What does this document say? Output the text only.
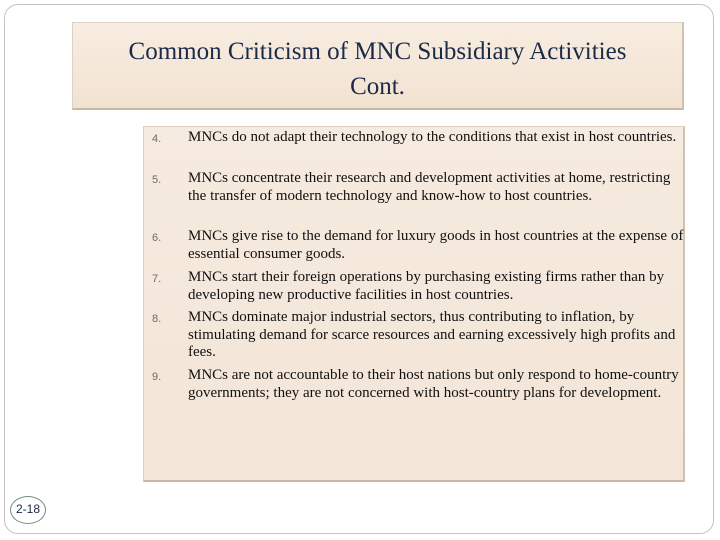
Common Criticism of MNC Subsidiary Activities
Cont.
4. MNCs do not adapt their technology to the conditions that exist in host countries.
5. MNCs concentrate their research and development activities at home, restricting the transfer of modern technology and know-how to host countries.
6. MNCs give rise to the demand for luxury goods in host countries at the expense of essential consumer goods.
7. MNCs start their foreign operations by purchasing existing firms rather than by developing new productive facilities in host countries.
8. MNCs dominate major industrial sectors, thus contributing to inflation, by stimulating demand for scarce resources and earning excessively high profits and fees.
9. MNCs are not accountable to their host nations but only respond to home-country governments; they are not concerned with host-country plans for development.
2-18
